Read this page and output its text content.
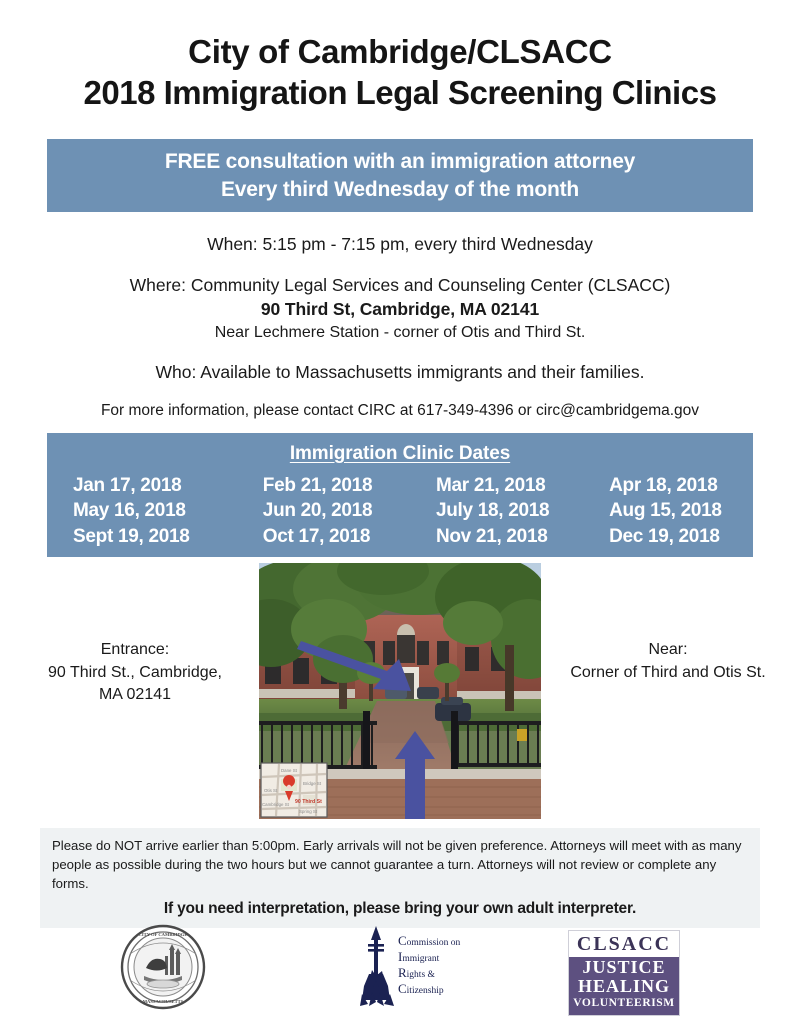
City of Cambridge/CLSACC
2018 Immigration Legal Screening Clinics
FREE consultation with an immigration attorney
Every third Wednesday of the month
When: 5:15 pm - 7:15 pm, every third Wednesday
Where: Community Legal Services and Counseling Center (CLSACC)
90 Third St, Cambridge, MA 02141
Near Lechmere Station - corner of Otis and Third St.
Who: Available to Massachusetts immigrants and their families.
For more information, please contact CIRC at 617-349-4396 or circ@cambridgema.gov
Immigration Clinic Dates
Jan 17, 2018	Feb 21, 2018	Mar 21, 2018	Apr 18, 2018
May 16, 2018	Jun 20, 2018	July 18, 2018	Aug 15, 2018
Sept 19, 2018	Oct 17, 2018	Nov 21, 2018	Dec 19, 2018
Entrance:
90 Third St., Cambridge,
MA 02141
Dane St
Otis St
Bridge St
Cambridge St
Spring St
90 Third St
Near:
Corner of Third and Otis St.
Please do NOT arrive earlier than 5:00pm. Early arrivals will not be given preference. Attorneys will meet with as many people as possible during the two hours but we cannot guarantee a turn. Attorneys will not review or complete any forms.
If you need interpretation, please bring your own adult interpreter.
CITY OF CAMBRIDGE
MASSACHUSETTS
Commission on
Immigrant
Rights &
Citizenship
CLSACC
JUSTICE
HEALING
VOLUNTEERISM
